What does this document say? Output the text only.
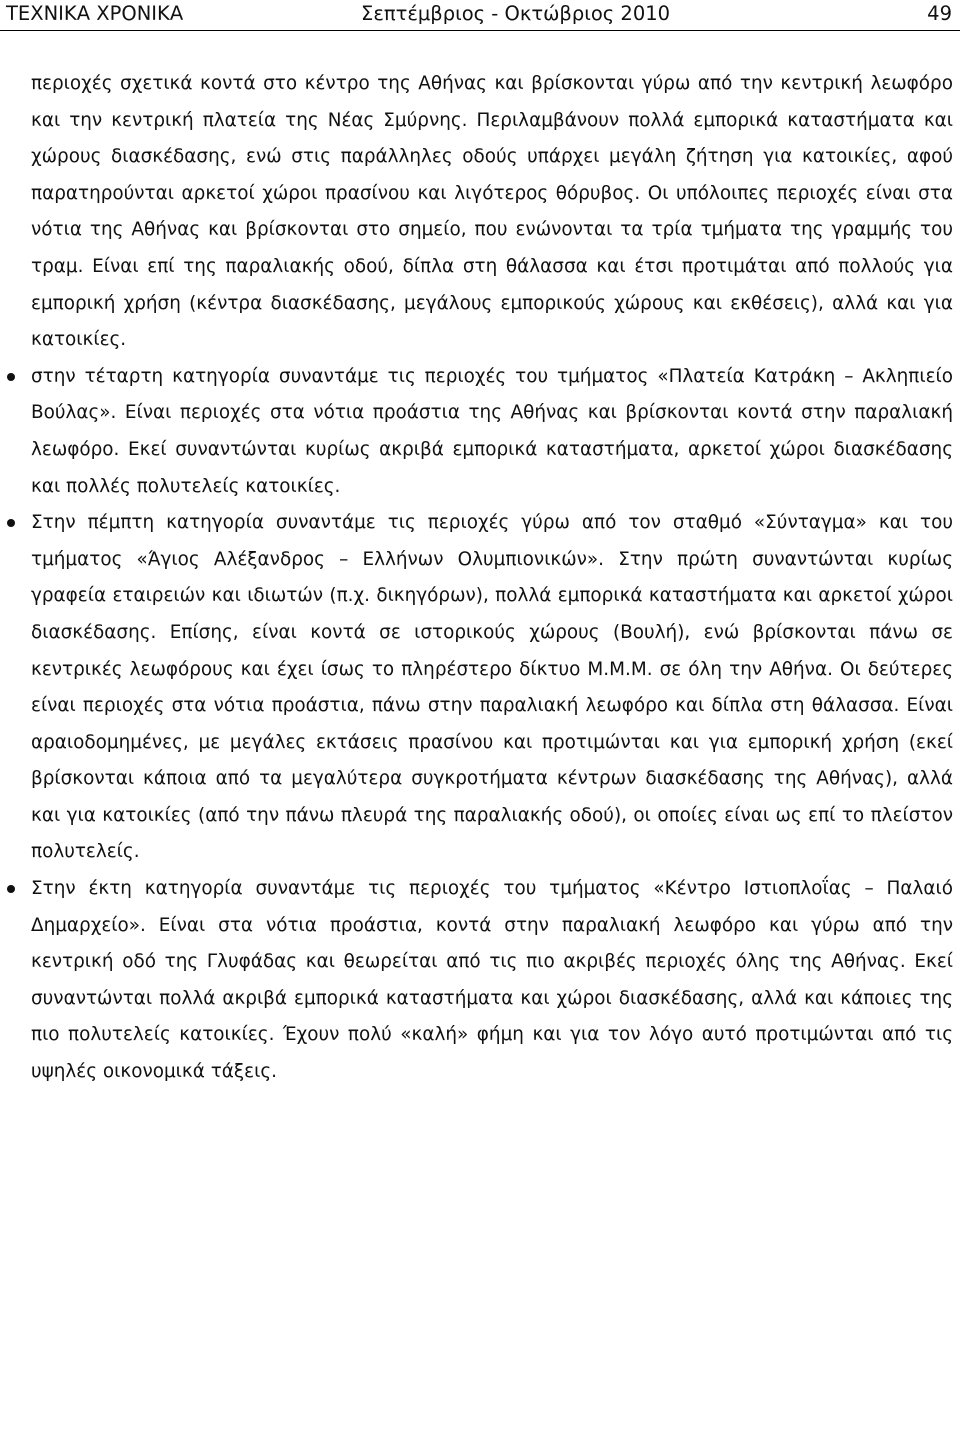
ΤΕΧΝΙΚΑ ΧΡΟΝΙΚΑ	Σεπτέμβριος - Οκτώβριος 2010	49

περιοχές σχετικά κοντά στο κέντρο της Αθήνας και βρίσκονται γύρω από την κεντρική λεωφόρο και την κεντρική πλατεία της Νέας Σμύρνης. Περιλαμβάνουν πολλά εμπορικά καταστήματα και χώρους διασκέδασης, ενώ στις παράλληλες οδούς υπάρχει μεγάλη ζήτηση για κατοικίες, αφού παρατηρούνται αρκετοί χώροι πρασίνου και λιγότερος θόρυβος. Οι υπόλοιπες περιοχές είναι στα νότια της Αθήνας και βρίσκονται στο σημείο, που ενώνονται τα τρία τμήματα της γραμμής του τραμ. Είναι επί της παραλιακής οδού, δίπλα στη θάλασσα και έτσι προτιμάται από πολλούς για εμπορική χρήση (κέντρα διασκέδασης, μεγάλους εμπορικούς χώρους και εκθέσεις), αλλά και για κατοικίες.

στην τέταρτη κατηγορία συναντάμε τις περιοχές του τμήματος «Πλατεία Κατράκη – Ακληπιείο Βούλας». Είναι περιοχές στα νότια προάστια της Αθήνας και βρίσκονται κοντά στην παραλιακή λεωφόρο. Εκεί συναντώνται κυρίως ακριβά εμπορικά καταστήματα, αρκετοί χώροι διασκέδασης και πολλές πολυτελείς κατοικίες.
Στην πέμπτη κατηγορία συναντάμε τις περιοχές γύρω από τον σταθμό «Σύνταγμα» και του τμήματος «Άγιος Αλέξανδρος – Ελλήνων Ολυμπιονικών». Στην πρώτη συναντώνται κυρίως γραφεία εταιρειών και ιδιωτών (π.χ. δικηγόρων), πολλά εμπορικά καταστήματα και αρκετοί χώροι διασκέδασης. Επίσης, είναι κοντά σε ιστορικούς χώρους (Βουλή), ενώ βρίσκονται πάνω σε κεντρικές λεωφόρους και έχει ίσως το πληρέστερο δίκτυο Μ.Μ.Μ. σε όλη την Αθήνα. Οι δεύτερες είναι περιοχές στα νότια προάστια, πάνω στην παραλιακή λεωφόρο και δίπλα στη θάλασσα. Είναι αραιοδομημένες, με μεγάλες εκτάσεις πρασίνου και προτιμώνται και για εμπορική χρήση (εκεί βρίσκονται κάποια από τα μεγαλύτερα συγκροτήματα κέντρων διασκέδασης της Αθήνας), αλλά και για κατοικίες (από την πάνω πλευρά της παραλιακής οδού), οι οποίες είναι ως επί το πλείστον πολυτελείς.
Στην έκτη κατηγορία συναντάμε τις περιοχές του τμήματος «Κέντρο Ιστιοπλοΐας – Παλαιό Δημαρχείο». Είναι στα νότια προάστια, κοντά στην παραλιακή λεωφόρο και γύρω από την κεντρική οδό της Γλυφάδας και θεωρείται από τις πιο ακριβές περιοχές όλης της Αθήνας. Εκεί συναντώνται πολλά ακριβά εμπορικά καταστήματα και χώροι διασκέδασης, αλλά και κάποιες της πιο πολυτελείς κατοικίες. Έχουν πολύ «καλή» φήμη και για τον λόγο αυτό προτιμώνται από τις υψηλές οικονομικά τάξεις.
